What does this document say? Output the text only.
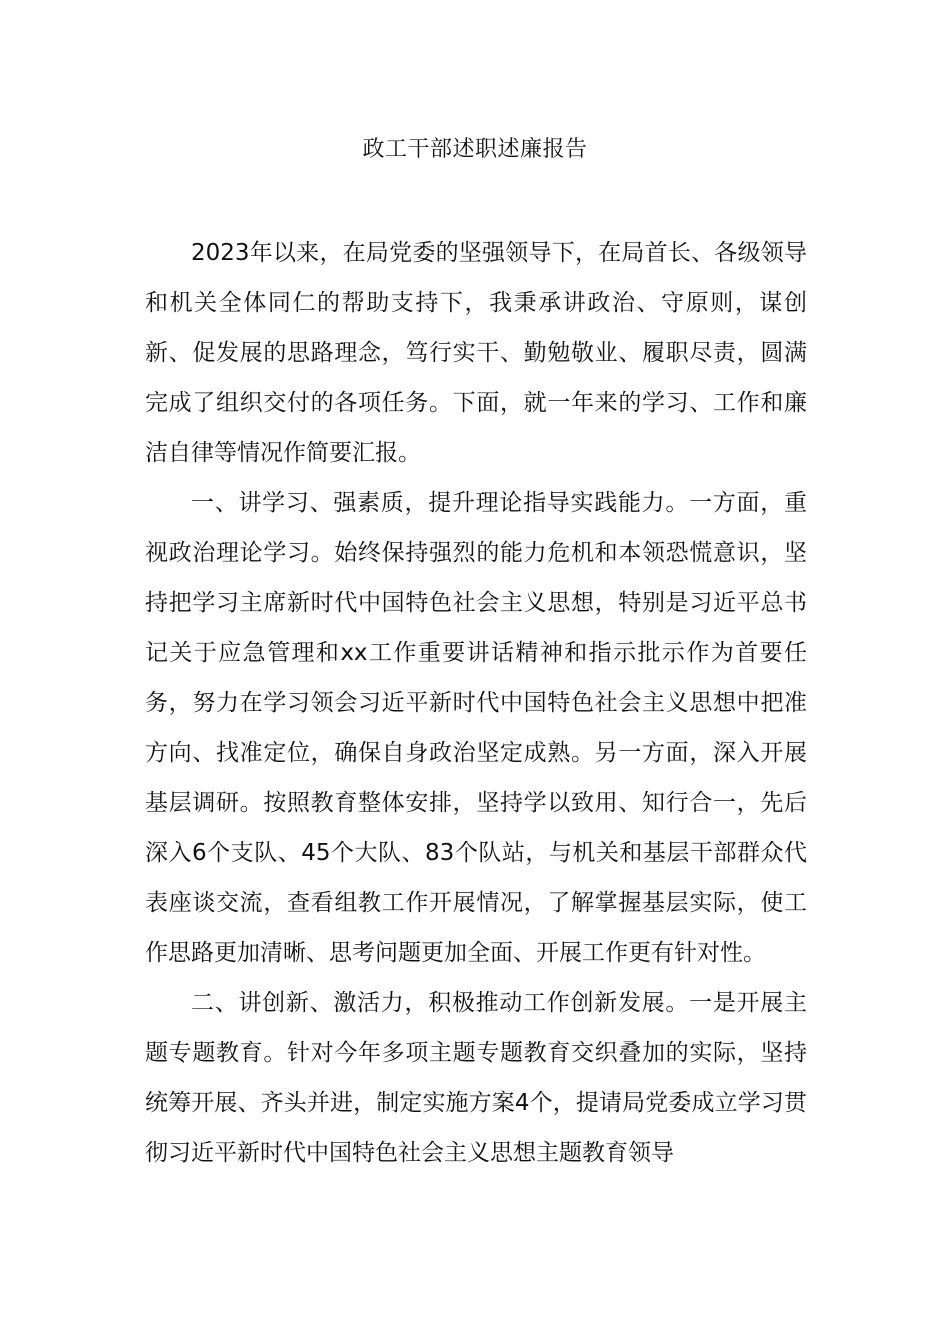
政工干部述职述廉报告

2023年以来，在局党委的坚强领导下，在局首长、各级领导和机关全体同仁的帮助支持下，我秉承讲政治、守原则，谋创新、促发展的思路理念，笃行实干、勤勉敬业、履职尽责，圆满完成了组织交付的各项任务。下面，就一年来的学习、工作和廉洁自律等情况作简要汇报。

一、讲学习、强素质，提升理论指导实践能力。一方面，重视政治理论学习。始终保持强烈的能力危机和本领恐慌意识，坚持把学习主席新时代中国特色社会主义思想，特别是习近平总书记关于应急管理和xx工作重要讲话精神和指示批示作为首要任务，努力在学习领会习近平新时代中国特色社会主义思想中把准方向、找准定位，确保自身政治坚定成熟。另一方面，深入开展基层调研。按照教育整体安排，坚持学以致用、知行合一，先后深入6个支队、45个大队、83个队站，与机关和基层干部群众代表座谈交流，查看组教工作开展情况，了解掌握基层实际，使工作思路更加清晰、思考问题更加全面、开展工作更有针对性。

二、讲创新、激活力，积极推动工作创新发展。一是开展主题专题教育。针对今年多项主题专题教育交织叠加的实际，坚持统筹开展、齐头并进，制定实施方案4个，提请局党委成立学习贯彻习近平新时代中国特色社会主义思想主题教育领导
